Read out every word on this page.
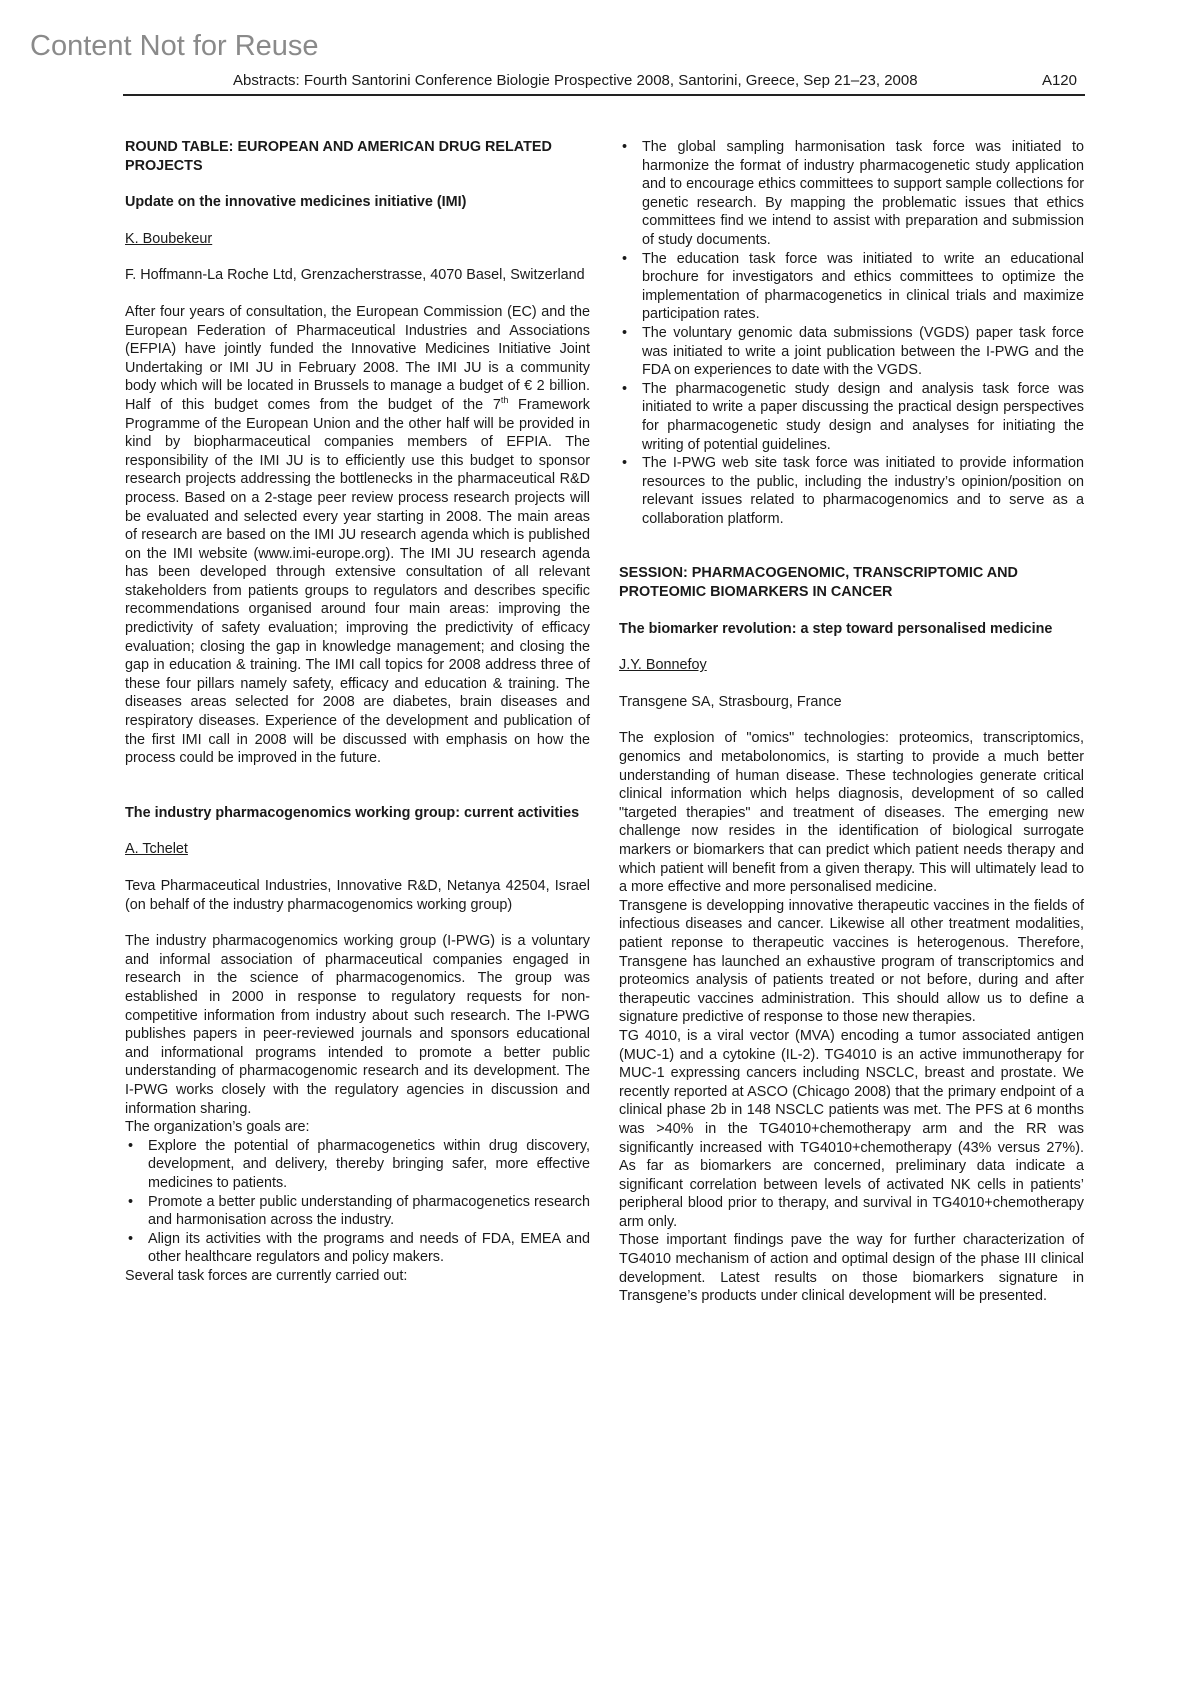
Content Not for Reuse
Abstracts: Fourth Santorini Conference Biologie Prospective 2008, Santorini, Greece, Sep 21–23, 2008	A120

ROUND TABLE: EUROPEAN AND AMERICAN DRUG RELATED PROJECTS

Update on the innovative medicines initiative (IMI)

K. Boubekeur

F. Hoffmann-La Roche Ltd, Grenzacherstrasse, 4070 Basel, Switzerland

After four years of consultation, the European Commission (EC) and the European Federation of Pharmaceutical Industries and Associations (EFPIA) have jointly funded the Innovative Medicines Initiative Joint Undertaking or IMI JU in February 2008. The IMI JU is a community body which will be located in Brussels to manage a budget of € 2 billion. Half of this budget comes from the budget of the 7th Framework Programme of the European Union and the other half will be provided in kind by biopharmaceutical companies members of EFPIA. The responsibility of the IMI JU is to efficiently use this budget to sponsor research projects addressing the bottlenecks in the pharmaceutical R&D process. Based on a 2-stage peer review process research projects will be evaluated and selected every year starting in 2008. The main areas of research are based on the IMI JU research agenda which is published on the IMI website (www.imi-europe.org). The IMI JU research agenda has been developed through extensive consultation of all relevant stakeholders from patients groups to regulators and describes specific recommendations organised around four main areas: improving the predictivity of safety evaluation; improving the predictivity of efficacy evaluation; closing the gap in knowledge management; and closing the gap in education & training. The IMI call topics for 2008 address three of these four pillars namely safety, efficacy and education & training. The diseases areas selected for 2008 are diabetes, brain diseases and respiratory diseases. Experience of the development and publication of the first IMI call in 2008 will be discussed with emphasis on how the process could be improved in the future.

The industry pharmacogenomics working group: current activities

A. Tchelet

Teva Pharmaceutical Industries, Innovative R&D, Netanya 42504, Israel (on behalf of the industry pharmacogenomics working group)

The industry pharmacogenomics working group (I-PWG) is a voluntary and informal association of pharmaceutical companies engaged in research in the science of pharmacogenomics. The group was established in 2000 in response to regulatory requests for non-competitive information from industry about such research. The I-PWG publishes papers in peer-reviewed journals and sponsors educational and informational programs intended to promote a better public understanding of pharmacogenomic research and its development. The I-PWG works closely with the regulatory agencies in discussion and information sharing.

The organization’s goals are:

• Explore the potential of pharmacogenetics within drug discovery, development, and delivery, thereby bringing safer, more effective medicines to patients.
• Promote a better public understanding of pharmacogenetics research and harmonisation across the industry.
• Align its activities with the programs and needs of FDA, EMEA and other healthcare regulators and policy makers.

Several task forces are currently carried out:

• The global sampling harmonisation task force was initiated to harmonize the format of industry pharmacogenetic study application and to encourage ethics committees to support sample collections for genetic research. By mapping the problematic issues that ethics committees find we intend to assist with preparation and submission of study documents.
• The education task force was initiated to write an educational brochure for investigators and ethics committees to optimize the implementation of pharmacogenetics in clinical trials and maximize participation rates.
• The voluntary genomic data submissions (VGDS) paper task force was initiated to write a joint publication between the I-PWG and the FDA on experiences to date with the VGDS.
• The pharmacogenetic study design and analysis task force was initiated to write a paper discussing the practical design perspectives for pharmacogenetic study design and analyses for initiating the writing of potential guidelines.
• The I-PWG web site task force was initiated to provide information resources to the public, including the industry’s opinion/position on relevant issues related to pharmacogenomics and to serve as a collaboration platform.

SESSION: PHARMACOGENOMIC, TRANSCRIPTOMIC AND PROTEOMIC BIOMARKERS IN CANCER

The biomarker revolution: a step toward personalised medicine

J.Y. Bonnefoy

Transgene SA, Strasbourg, France

The explosion of "omics" technologies: proteomics, transcriptomics, genomics and metabolonomics, is starting to provide a much better understanding of human disease. These technologies generate critical clinical information which helps diagnosis, development of so called "targeted therapies" and treatment of diseases. The emerging new challenge now resides in the identification of biological surrogate markers or biomarkers that can predict which patient needs therapy and which patient will benefit from a given therapy. This will ultimately lead to a more effective and more personalised medicine.

Transgene is developping innovative therapeutic vaccines in the fields of infectious diseases and cancer. Likewise all other treatment modalities, patient reponse to therapeutic vaccines is heterogenous. Therefore, Transgene has launched an exhaustive program of transcriptomics and proteomics analysis of patients treated or not before, during and after therapeutic vaccines administration. This should allow us to define a signature predictive of response to those new therapies.

TG 4010, is a viral vector (MVA) encoding a tumor associated antigen (MUC-1) and a cytokine (IL-2). TG4010 is an active immunotherapy for MUC-1 expressing cancers including NSCLC, breast and prostate. We recently reported at ASCO (Chicago 2008) that the primary endpoint of a clinical phase 2b in 148 NSCLC patients was met. The PFS at 6 months was >40% in the TG4010+chemotherapy arm and the RR was significantly increased with TG4010+chemotherapy (43% versus 27%). As far as biomarkers are concerned, preliminary data indicate a significant correlation between levels of activated NK cells in patients’ peripheral blood prior to therapy, and survival in TG4010+chemotherapy arm only.

Those important findings pave the way for further characterization of TG4010 mechanism of action and optimal design of the phase III clinical development. Latest results on those biomarkers signature in Transgene’s products under clinical development will be presented.
